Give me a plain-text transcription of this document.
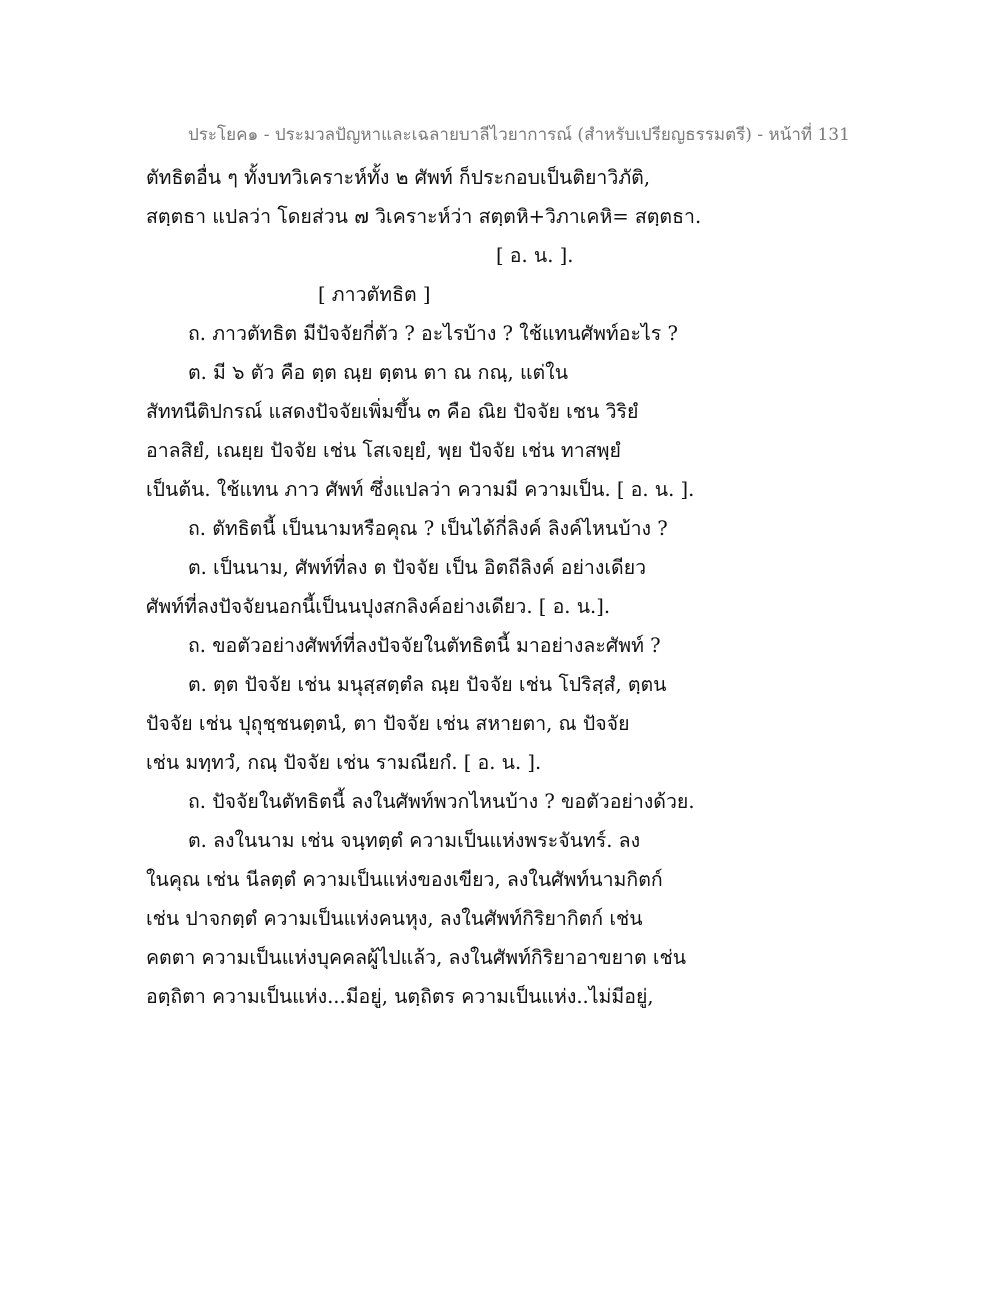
ประโยค๑ - ประมวลปัญหาและเฉลายบาลีไวยาการณ์ (สำหรับเปรียญธรรมตรี) - หน้าที่ 131
ตัทธิตอื่น ๆ ทั้งบทวิเคราะห์ทั้ง ๒ ศัพท์ ก็ประกอบเป็นติยาวิภัติ,
สตฺตธา แปลว่า โดยส่วน ๗ วิเคราะห์ว่า สตฺตหิ+วิภาเคหิ= สตฺตธา.
[ อ. น. ].
[ ภาวตัทธิต ]
ถ. ภาวตัทธิต มีปัจจัยกี่ตัว ? อะไรบ้าง ? ใช้แทนศัพท์อะไร ?
ต. มี ๖ ตัว คือ ตฺต ณฺย ตฺตน ตา ณ กณฺ, แต่ใน
สัททนีติปกรณ์ แสดงปัจจัยเพิ่มขึ้น ๓ คือ ณิย ปัจจัย เชน วิริยํ
อาลสิยํ, เณยฺย ปัจจัย เช่น โสเจยฺยํ, พฺย ปัจจัย เช่น ทาสพฺยํ
เป็นต้น. ใช้แทน ภาว ศัพท์ ซึ่งแปลว่า ความมี ความเป็น. [ อ. น. ].
ถ. ตัทธิตนี้ เป็นนามหรือคุณ ? เป็นได้กี่ลิงค์ ลิงค์ไหนบ้าง ?
ต. เป็นนาม, ศัพท์ที่ลง ต ปัจจัย เป็น อิตถีลิงค์ อย่างเดียว
ศัพท์ที่ลงปัจจัยนอกนี้เป็นนปุงสกลิงค์อย่างเดียว. [ อ. น.].
ถ. ขอตัวอย่างศัพท์ที่ลงปัจจัยในตัทธิตนี้ มาอย่างละศัพท์ ?
ต. ตฺต ปัจจัย เช่น มนุสฺสตฺตํล ณฺย ปัจจัย เช่น โปริสฺสํ, ตฺตน
ปัจจัย เช่น ปุถุชฺชนตฺตนํ, ตา ปัจจัย เช่น สหายตา, ณ ปัจจัย
เช่น มทฺทวํ, กณฺ ปัจจัย เช่น รามณียกํ. [ อ. น. ].
ถ. ปัจจัยในตัทธิตนี้ ลงในศัพท์พวกไหนบ้าง ? ขอตัวอย่างด้วย.
ต. ลงในนาม เช่น จนฺทตฺตํ ความเป็นแห่งพระจันทร์. ลง
ในคุณ เช่น นีลตฺตํ ความเป็นแห่งของเขียว, ลงในศัพท์นามกิตก์
เช่น ปาจกตฺตํ ความเป็นแห่งคนหุง, ลงในศัพท์กิริยากิตก์ เช่น
คตตา ความเป็นแห่งบุคคลผู้ไปแล้ว, ลงในศัพท์กิริยาอาขยาต เช่น
อตฺถิตา ความเป็นแห่ง...มีอยู่, นตฺถิตร ความเป็นแห่ง..ไม่มีอยู่,
